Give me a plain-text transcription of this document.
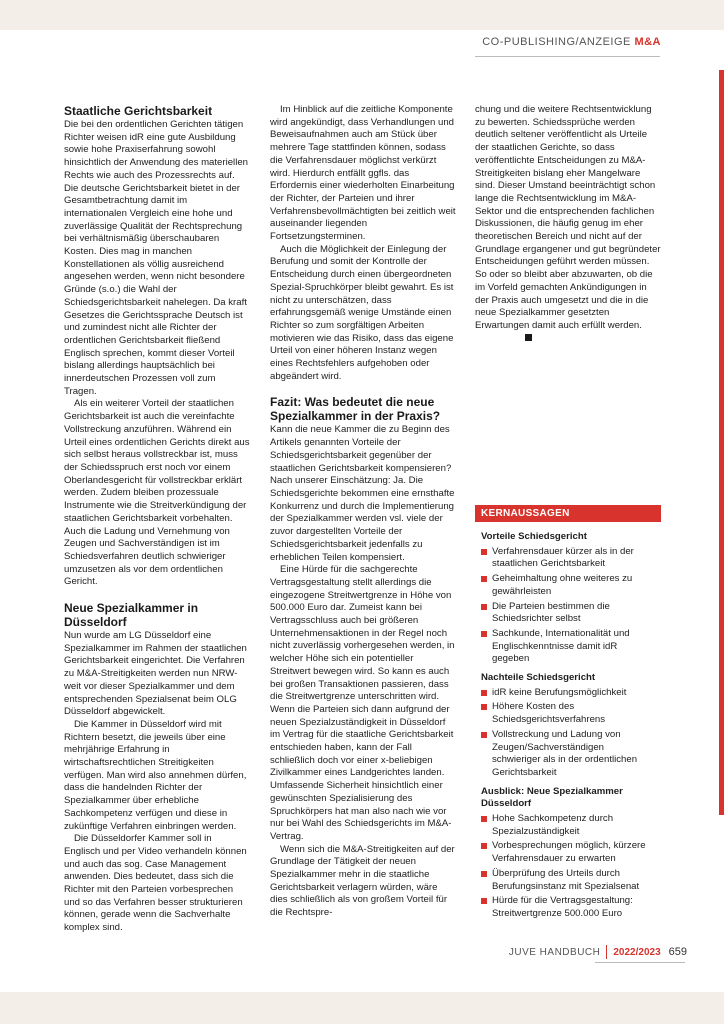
CO-PUBLISHING/ANZEIGE M&A
Staatliche Gerichtsbarkeit

Die bei den ordentlichen Gerichten tätigen Richter weisen idR eine gute Ausbildung sowie hohe Praxiserfahrung sowohl hinsichtlich der Anwendung des materiellen Rechts wie auch des Prozessrechts auf. Die deutsche Gerichtsbarkeit bietet in der Gesamtbetrachtung damit im internationalen Vergleich eine hohe und zuverlässige Qualität der Rechtsprechung bei verhältnismäßig überschaubaren Kosten. Dies mag in manchen Konstellationen als völlig ausreichend angesehen werden, wenn nicht besondere Gründe (s.o.) die Wahl der Schiedsgerichtsbarkeit nahelegen. Da kraft Gesetzes die Gerichtssprache Deutsch ist und zumindest nicht alle Richter der ordentlichen Gerichtsbarkeit fließend Englisch sprechen, kommt dieser Vorteil bislang allerdings hauptsächlich bei innerdeutschen Prozessen voll zum Tragen.

Als ein weiterer Vorteil der staatlichen Gerichtsbarkeit ist auch die vereinfachte Vollstreckung anzuführen. Während ein Urteil eines ordentlichen Gerichts direkt aus sich selbst heraus vollstreckbar ist, muss der Schiedsspruch erst noch vor einem Oberlandesgericht für vollstreckbar erklärt werden. Zudem bleiben prozessuale Instrumente wie die Streitverkündigung der staatlichen Gerichtsbarkeit vorbehalten. Auch die Ladung und Vernehmung von Zeugen und Sachverständigen ist im Schiedsverfahren deutlich schwieriger umzusetzen als vor dem ordentlichen Gericht.

Neue Spezialkammer in Düsseldorf

Nun wurde am LG Düsseldorf eine Spezialkammer im Rahmen der staatlichen Gerichtsbarkeit eingerichtet. Die Verfahren zu M&A-Streitigkeiten werden nun NRW-weit vor dieser Spezialkammer und dem entsprechenden Spezialsenat beim OLG Düsseldorf abgewickelt.

Die Kammer in Düsseldorf wird mit Richtern besetzt, die jeweils über eine mehrjährige Erfahrung in wirtschaftsrechtlichen Streitigkeiten verfügen. Man wird also annehmen dürfen, dass die handelnden Richter der Spezialkammer über erhebliche Sachkompetenz verfügen und diese in zukünftige Verfahren einbringen werden.

Die Düsseldorfer Kammer soll in Englisch und per Video verhandeln können und auch das sog. Case Management anwenden. Dies bedeutet, dass sich die Richter mit den Parteien vorbesprechen und so das Verfahren besser strukturieren können, gerade wenn die Sachverhalte komplex sind.

Im Hinblick auf die zeitliche Komponente wird angekündigt, dass Verhandlungen und Beweisaufnahmen auch am Stück über mehrere Tage stattfinden können, sodass die Verfahrensdauer möglichst verkürzt wird. Hierdurch entfällt ggfls. das Erfordernis einer wiederholten Einarbeitung der Richter, der Parteien und ihrer Verfahrensbevollmächtigten bei zeitlich weit auseinander liegenden Fortsetzungsterminen.

Auch die Möglichkeit der Einlegung der Berufung und somit der Kontrolle der Entscheidung durch einen übergeordneten Spezial-Spruchkörper bleibt gewahrt. Es ist nicht zu unterschätzen, dass erfahrungsgemäß wenige Umstände einen Richter so zum sorgfältigen Arbeiten motivieren wie das Risiko, dass das eigene Urteil von einer höheren Instanz wegen eines Rechtsfehlers aufgehoben oder abgeändert wird.

Fazit: Was bedeutet die neue Spezialkammer in der Praxis?

Kann die neue Kammer die zu Beginn des Artikels genannten Vorteile der Schiedsgerichtsbarkeit gegenüber der staatlichen Gerichtsbarkeit kompensieren? Nach unserer Einschätzung: Ja. Die Schiedsgerichte bekommen eine ernsthafte Konkurrenz und durch die Implementierung der Spezialkammer werden vsl. viele der zuvor dargestellten Vorteile der Schiedsgerichtsbarkeit jedenfalls zu erheblichen Teilen kompensiert.

Eine Hürde für die sachgerechte Vertragsgestaltung stellt allerdings die eingezogene Streitwertgrenze in Höhe von 500.000 Euro dar. Zumeist kann bei Vertragsschluss auch bei größeren Unternehmensaktionen in der Regel noch nicht zuverlässig vorhergesehen werden, in welcher Höhe sich ein potentieller Streitwert bewegen wird. So kann es auch bei großen Transaktionen passieren, dass die Streitwertgrenze unterschritten wird. Wenn die Parteien sich dann aufgrund der neuen Spezialzuständigkeit in Düsseldorf im Vertrag für die staatliche Gerichtsbarkeit entschieden haben, kann der Fall schließlich doch vor einer x-beliebigen Zivilkammer eines Landgerichtes landen. Umfassende Sicherheit hinsichtlich einer gewünschten Spezialisierung des Spruchkörpers hat man also nach wie vor nur bei Wahl des Schiedsgerichts im M&A-Vertrag.

Wenn sich die M&A-Streitigkeiten auf der Grundlage der Tätigkeit der neuen Spezialkammer mehr in die staatliche Gerichtsbarkeit verlagern würden, wäre dies schließlich als von großem Vorteil für die Rechtspre-

chung und die weitere Rechtsentwicklung zu bewerten. Schiedssprüche werden deutlich seltener veröffentlicht als Urteile der staatlichen Gerichte, so dass veröffentlichte Entscheidungen zu M&A-Streitigkeiten bislang eher Mangelware sind. Dieser Umstand beeinträchtigt schon lange die Rechtsentwicklung im M&A-Sektor und die entsprechenden fachlichen Diskussionen, die häufig genug im eher theoretischen Bereich und nicht auf der Grundlage ergangener und gut begründeter Entscheidungen geführt werden müssen. So oder so bleibt aber abzuwarten, ob die im Vorfeld gemachten Ankündigungen in der Praxis auch umgesetzt und die in die neue Spezialkammer gesetzten Erwartungen damit auch erfüllt werden.

KERNAUSSAGEN
Vorteile Schiedsgericht
Verfahrensdauer kürzer als in der staatlichen Gerichtsbarkeit
Geheimhaltung ohne weiteres zu gewährleisten
Die Parteien bestimmen die Schiedsrichter selbst
Sachkunde, Internationalität und Englischkenntnisse damit idR gegeben
Nachteile Schiedsgericht
idR keine Berufungsmöglichkeit
Höhere Kosten des Schiedsgerichtsverfahrens
Vollstreckung und Ladung von Zeugen/Sachverständigen schwieriger als in der ordentlichen Gerichtsbarkeit
Ausblick: Neue Spezialkammer Düsseldorf
Hohe Sachkompetenz durch Spezialzuständigkeit
Vorbesprechungen möglich, kürzere Verfahrensdauer zu erwarten
Überprüfung des Urteils durch Berufungsinstanz mit Spezialsenat
Hürde für die Vertragsgestaltung: Streitwertgrenze 500.000 Euro
JUVE HANDBUCH 2022/2023 659
